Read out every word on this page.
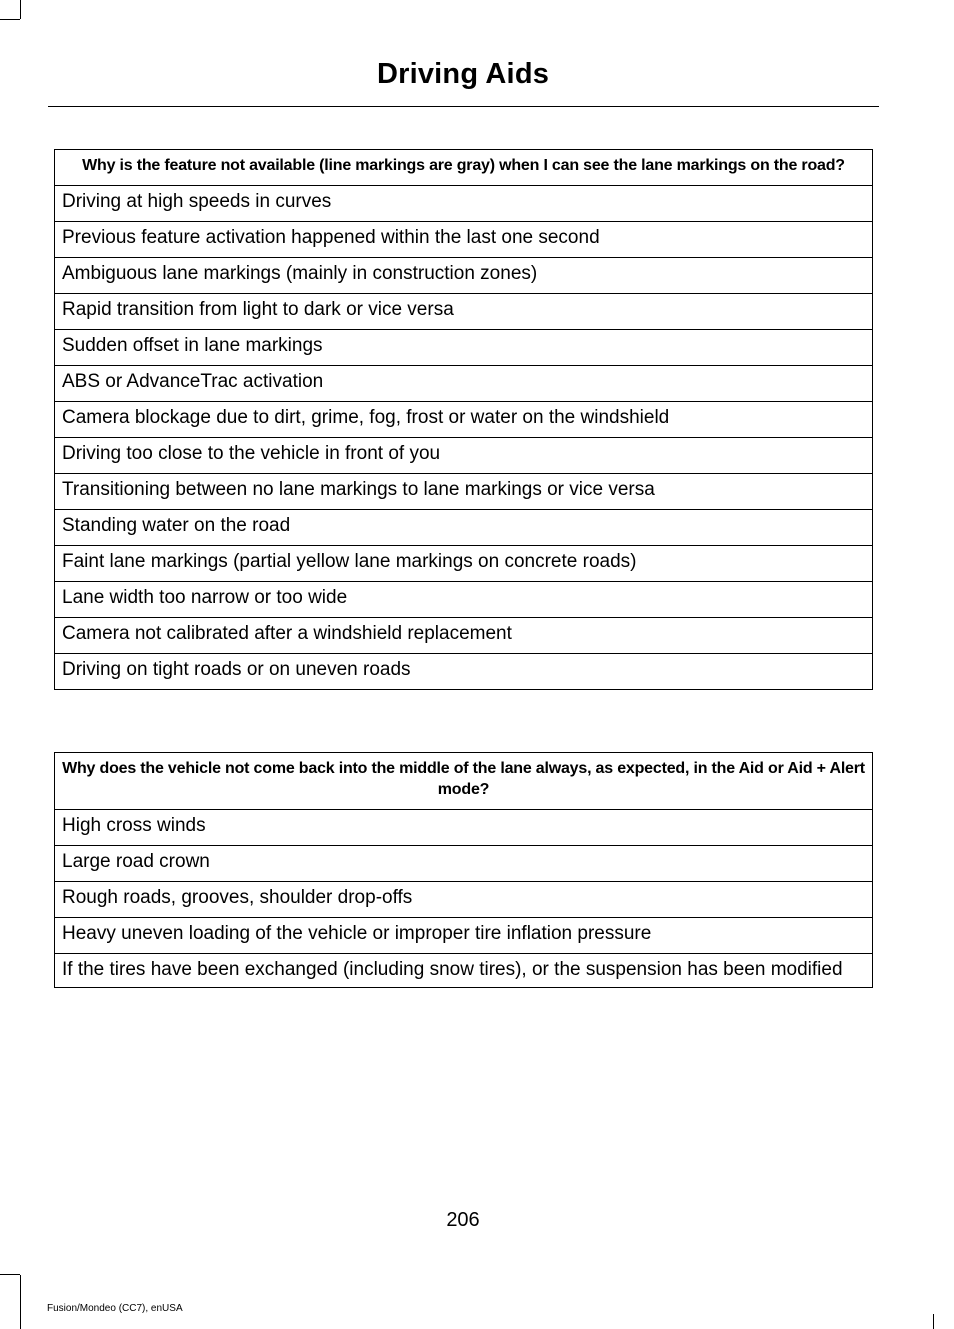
Driving Aids
Why is the feature not available (line markings are gray) when I can see the lane markings on the road?
Driving at high speeds in curves
Previous feature activation happened within the last one second
Ambiguous lane markings (mainly in construction zones)
Rapid transition from light to dark or vice versa
Sudden offset in lane markings
ABS or AdvanceTrac activation
Camera blockage due to dirt, grime, fog, frost or water on the windshield
Driving too close to the vehicle in front of you
Transitioning between no lane markings to lane markings or vice versa
Standing water on the road
Faint lane markings (partial yellow lane markings on concrete roads)
Lane width too narrow or too wide
Camera not calibrated after a windshield replacement
Driving on tight roads or on uneven roads
Why does the vehicle not come back into the middle of the lane always, as expected, in the Aid or Aid + Alert mode?
High cross winds
Large road crown
Rough roads, grooves, shoulder drop-offs
Heavy uneven loading of the vehicle or improper tire inflation pressure
If the tires have been exchanged (including snow tires), or the suspension has been modified
206
Fusion/Mondeo (CC7), enUSA
